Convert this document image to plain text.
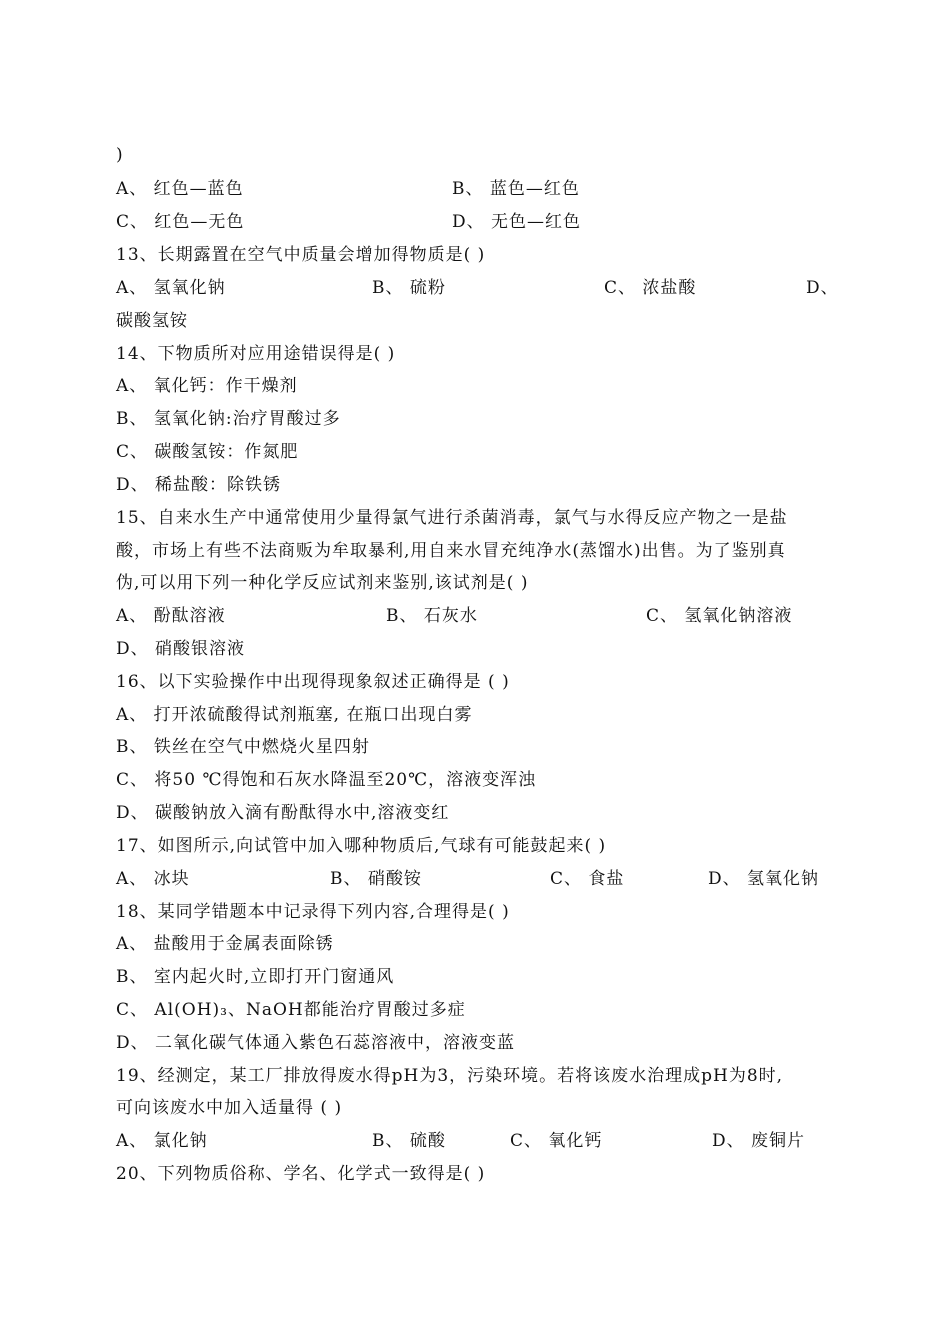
)
A、 红色—蓝色	B、 蓝色—红色
C、 红色—无色	D、 无色—红色
13、长期露置在空气中质量会增加得物质是( )
A、 氢氧化钠	B、 硫粉	C、 浓盐酸	D、
碳酸氢铵
14、下物质所对应用途错误得是( )
A、 氧化钙：作干燥剂
B、 氢氧化钠:治疗胃酸过多
C、 碳酸氢铵：作氮肥
D、 稀盐酸：除铁锈
15、自来水生产中通常使用少量得氯气进行杀菌消毒，氯气与水得反应产物之一是盐
酸，市场上有些不法商贩为牟取暴利,用自来水冒充纯净水(蒸馏水)出售。为了鉴别真
伪,可以用下列一种化学反应试剂来鉴别,该试剂是( )
A、 酚酞溶液	B、 石灰水	C、 氢氧化钠溶液
D、 硝酸银溶液
16、以下实验操作中出现得现象叙述正确得是 ( )
A、 打开浓硫酸得试剂瓶塞, 在瓶口出现白雾
B、 铁丝在空气中燃烧火星四射
C、 将50 ℃得饱和石灰水降温至20℃，溶液变浑浊
D、 碳酸钠放入滴有酚酞得水中,溶液变红
17、如图所示,向试管中加入哪种物质后,气球有可能鼓起来( )
A、 冰块	B、 硝酸铵	C、 食盐	D、 氢氧化钠
18、某同学错题本中记录得下列内容,合理得是( )
A、 盐酸用于金属表面除锈
B、 室内起火时,立即打开门窗通风
C、 Al(OH)₃、NaOH都能治疗胃酸过多症
D、 二氧化碳气体通入紫色石蕊溶液中，溶液变蓝
19、经测定，某工厂排放得废水得pH为3，污染环境。若将该废水治理成pH为8时,
可向该废水中加入适量得 ( )
A、 氯化钠	B、 硫酸	C、 氧化钙	D、 废铜片
20、下列物质俗称、学名、化学式一致得是( )
